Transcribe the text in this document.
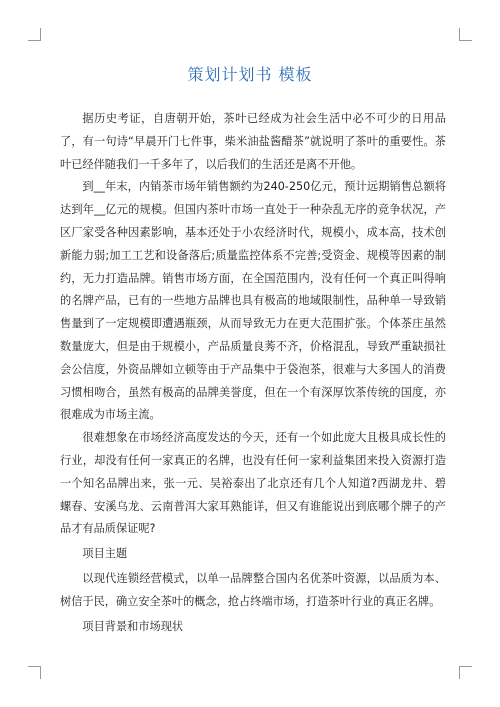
策划计划书 模板

据历史考证，自唐朝开始，茶叶已经成为社会生活中必不可少的日用品了，有一句诗“早晨开门七件事，柴米油盐酱醋茶”就说明了茶叶的重要性。茶叶已经伴随我们一千多年了，以后我们的生活还是离不开他。

到__年末，内销茶市场年销售额约为240-250亿元，预计远期销售总额将达到年__亿元的规模。但国内茶叶市场一直处于一种杂乱无序的竞争状况，产区厂家受各种因素影响，基本还处于小农经济时代，规模小，成本高，技术创新能力弱;加工工艺和设备落后;质量监控体系不完善;受资金、规模等因素的制约，无力打造品牌。销售市场方面，在全国范围内，没有任何一个真正叫得响的名牌产品，已有的一些地方品牌也具有极高的地域限制性，品种单一导致销售量到了一定规模即遭遇瓶颈，从而导致无力在更大范围扩张。个体茶庄虽然数量庞大，但是由于规模小，产品质量良莠不齐，价格混乱，导致严重缺损社会公信度，外资品牌如立顿等由于产品集中于袋泡茶，很难与大多国人的消费习惯相吻合，虽然有极高的品牌美誉度，但在一个有深厚饮茶传统的国度，亦很难成为市场主流。

很难想象在市场经济高度发达的今天，还有一个如此庞大且极具成长性的行业，却没有任何一家真正的名牌，也没有任何一家利益集团来投入资源打造一个知名品牌出来，张一元、吴裕泰出了北京还有几个人知道?西湖龙井、碧螺春、安溪乌龙、云南普洱大家耳熟能详，但又有谁能说出到底哪个牌子的产品才有品质保证呢?

项目主题

以现代连锁经营模式，以单一品牌整合国内名优茶叶资源，以品质为本、树信于民，确立安全茶叶的概念，抢占终端市场，打造茶叶行业的真正名牌。

项目背景和市场现状
